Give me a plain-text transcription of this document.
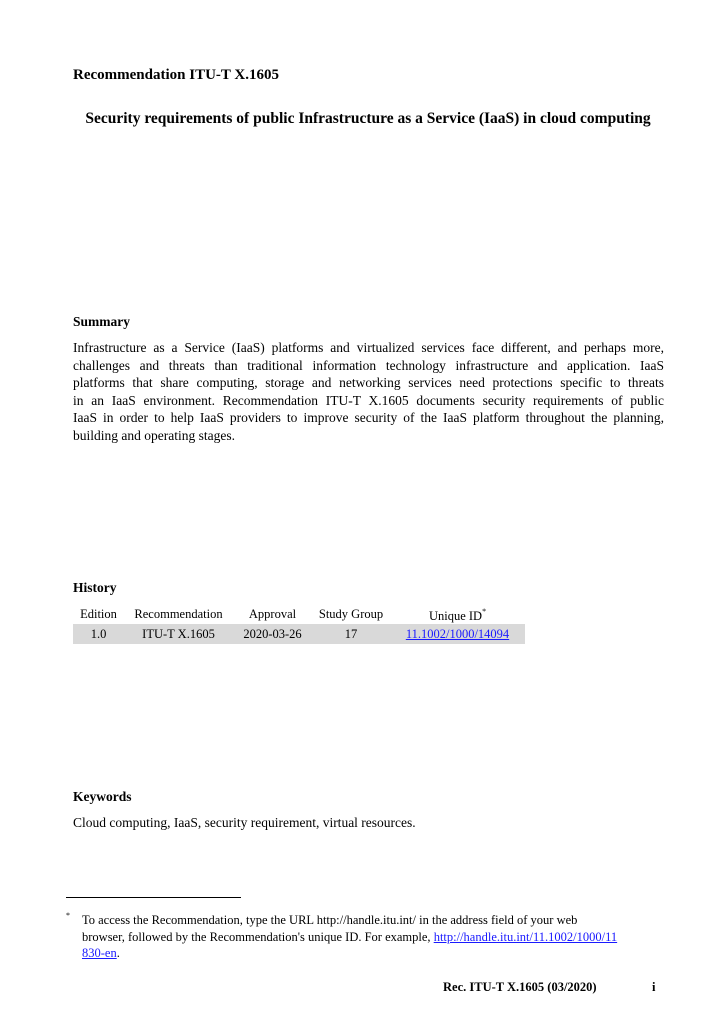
Recommendation ITU-T X.1605
Security requirements of public Infrastructure as a Service (IaaS) in cloud computing
Summary

Infrastructure as a Service (IaaS) platforms and virtualized services face different, and perhaps more,

challenges and threats than traditional information technology infrastructure and application. IaaS

platforms that share computing, storage and networking services need protections specific to threats

in an IaaS environment. Recommendation ITU-T X.1605 documents security requirements of public

IaaS in order to help IaaS providers to improve security of the IaaS platform throughout the planning,

building and operating stages.

History
Edition	Recommendation	Approval	Study Group	Unique ID*
1.0	ITU-T X.1605	2020-03-26	17	11.1002/1000/14094
Keywords
Cloud computing, IaaS, security requirement, virtual resources.
* To access the Recommendation, type the URL http://handle.itu.int/ in the address field of your web

browser, followed by the Recommendation's unique ID. For example, http://handle.itu.int/11.1002/1000/11

830-en.

Rec. ITU-T X.1605 (03/2020)	i
